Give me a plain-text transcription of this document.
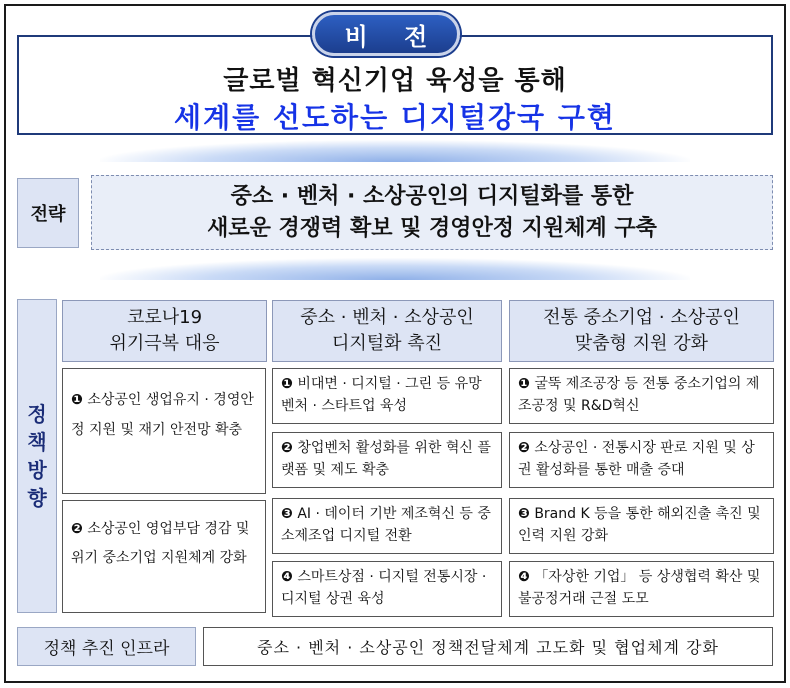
비 전
글로벌 혁신기업 육성을 통해
세계를 선도하는 디지털강국 구현
전략
중소 · 벤처 · 소상공인의 디지털화를 통한
새로운 경쟁력 확보 및 경영안정 지원체계 구축
정
책
방
향
코로나19
위기극복 대응
중소 · 벤처 · 소상공인
디지털화 촉진
전통 중소기업 · 소상공인
맞춤형 지원 강화
❶ 소상공인 생업유지 · 경영안정 지원 및 재기 안전망 확충
❷ 소상공인 영업부담 경감 및 위기 중소기업 지원체계 강화
❶ 비대면 · 디지털 · 그린 등 유망 벤처 · 스타트업 육성
❷ 창업벤처 활성화를 위한 혁신 플랫폼 및 제도 확충
❸ AI · 데이터 기반 제조혁신 등 중소제조업 디지털 전환
❹ 스마트상점 · 디지털 전통시장 · 디지털 상권 육성
❶ 굴뚝 제조공장 등 전통 중소기업의 제조공정 및 R&D혁신
❷ 소상공인 · 전통시장 판로 지원 및 상권 활성화를 통한 매출 증대
❸ Brand K 등을 통한 해외진출 촉진 및 인력 지원 강화
❹ 「자상한 기업」 등 상생협력 확산 및 불공정거래 근절 도모
정책 추진 인프라	중소 · 벤처 · 소상공인 정책전달체계 고도화 및 협업체계 강화
